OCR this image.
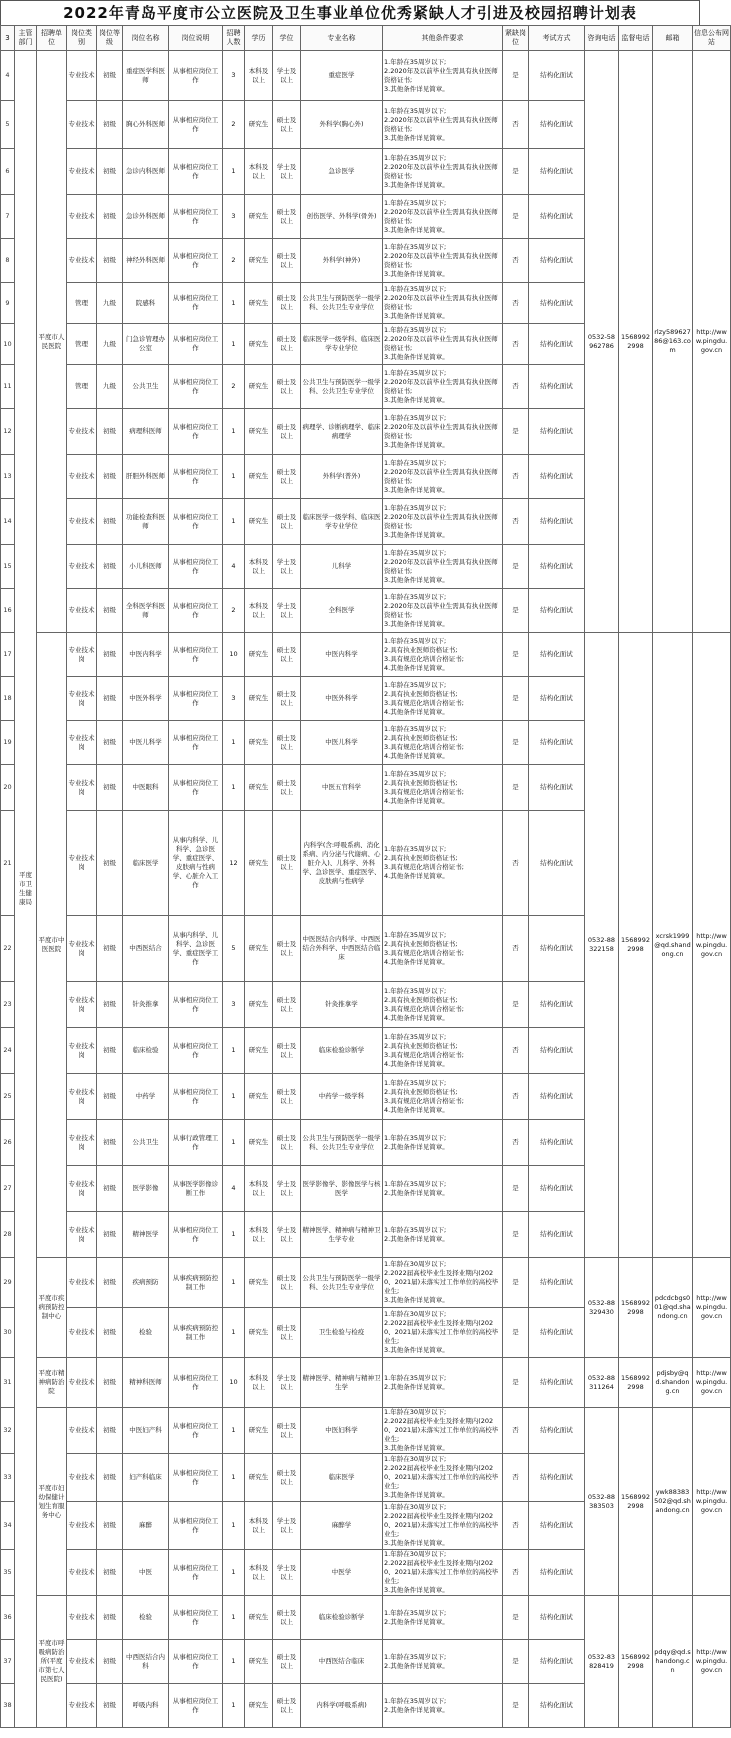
2022年青岛平度市公立医院及卫生事业单位优秀紧缺人才引进及校园招聘计划表
3	主管部门	招聘单位	岗位类别	岗位等级	岗位名称	岗位说明	招聘人数	学历	学位	专业名称	其他条件要求	紧缺岗位	考试方式	咨询电话	监督电话	邮箱	信息公布网站
4	平度市卫生健康局	平度市人民医院	专业技术	初级	重症医学科医师	从事相应岗位工作	3	本科及以上	学士及以上	重症医学	1.年龄在35周岁以下;
2.2020年及以前毕业生需具有执业医师资格证书;
3.其他条件详见简章。	是	结构化面试	0532-58962786	15689922998	rlzy58962786@163.com	http://www.pingdu.gov.cn
5			专业技术	初级	胸心外科医师	从事相应岗位工作	2	研究生	硕士及以上	外科学(胸心外)	1.年龄在35周岁以下;
2.2020年及以前毕业生需具有执业医师资格证书;
3.其他条件详见简章。	否	结构化面试				
6			专业技术	初级	急诊内科医师	从事相应岗位工作	1	本科及以上	学士及以上	急诊医学	1.年龄在35周岁以下;
2.2020年及以前毕业生需具有执业医师资格证书;
3.其他条件详见简章。	是	结构化面试				
7			专业技术	初级	急诊外科医师	从事相应岗位工作	3	研究生	硕士及以上	创伤医学、外科学(骨外)	1.年龄在35周岁以下;
2.2020年及以前毕业生需具有执业医师资格证书;
3.其他条件详见简章。	是	结构化面试				
8			专业技术	初级	神经外科医师	从事相应岗位工作	2	研究生	硕士及以上	外科学(神外)	1.年龄在35周岁以下;
2.2020年及以前毕业生需具有执业医师资格证书;
3.其他条件详见简章。	否	结构化面试				
9			管理	九级	院感科	从事相应岗位工作	1	研究生	硕士及以上	公共卫生与预防医学一级学科、公共卫生专业学位	1.年龄在35周岁以下;
2.2020年及以前毕业生需具有执业医师资格证书;
3.其他条件详见简章。	否	结构化面试				
10			管理	九级	门急诊管理办公室	从事相应岗位工作	1	研究生	硕士及以上	临床医学一级学科、临床医学专业学位	1.年龄在35周岁以下;
2.2020年及以前毕业生需具有执业医师资格证书;
3.其他条件详见简章。	否	结构化面试				
11			管理	九级	公共卫生	从事相应岗位工作	2	研究生	硕士及以上	公共卫生与预防医学一级学科、公共卫生专业学位	1.年龄在35周岁以下;
2.2020年及以前毕业生需具有执业医师资格证书;
3.其他条件详见简章。	否	结构化面试				
12			专业技术	初级	病理科医师	从事相应岗位工作	1	研究生	硕士及以上	病理学、诊断病理学、临床病理学	1.年龄在35周岁以下;
2.2020年及以前毕业生需具有执业医师资格证书;
3.其他条件详见简章。	是	结构化面试				
13			专业技术	初级	肝胆外科医师	从事相应岗位工作	1	研究生	硕士及以上	外科学(普外)	1.年龄在35周岁以下;
2.2020年及以前毕业生需具有执业医师资格证书;
3.其他条件详见简章。	否	结构化面试				
14			专业技术	初级	功能检查科医师	从事相应岗位工作	1	研究生	硕士及以上	临床医学一级学科、临床医学专业学位	1.年龄在35周岁以下;
2.2020年及以前毕业生需具有执业医师资格证书;
3.其他条件详见简章。	否	结构化面试				
15			专业技术	初级	小儿科医师	从事相应岗位工作	4	本科及以上	学士及以上	儿科学	1.年龄在35周岁以下;
2.2020年及以前毕业生需具有执业医师资格证书;
3.其他条件详见简章。	是	结构化面试				
16			专业技术	初级	全科医学科医师	从事相应岗位工作	2	本科及以上	学士及以上	全科医学	1.年龄在35周岁以下;
2.2020年及以前毕业生需具有执业医师资格证书;
3.其他条件详见简章。	是	结构化面试				
17		平度市中医医院	专业技术岗	初级	中医内科学	从事相应岗位工作	10	研究生	硕士及以上	中医内科学	1.年龄在35周岁以下;
2.具有执业医师资格证书;
3.具有规范化培训合格证书;
4.其他条件详见简章。	是	结构化面试	0532-88322158	15689922998	xcrsk1999@qd.shandong.cn	http://www.pingdu.gov.cn
18			专业技术岗	初级	中医外科学	从事相应岗位工作	3	研究生	硕士及以上	中医外科学	1.年龄在35周岁以下;
2.具有执业医师资格证书;
3.具有规范化培训合格证书;
4.其他条件详见简章。	是	结构化面试				
19			专业技术岗	初级	中医儿科学	从事相应岗位工作	1	研究生	硕士及以上	中医儿科学	1.年龄在35周岁以下;
2.具有执业医师资格证书;
3.具有规范化培训合格证书;
4.其他条件详见简章。	是	结构化面试				
20			专业技术岗	初级	中医眼科	从事相应岗位工作	1	研究生	硕士及以上	中医五官科学	1.年龄在35周岁以下;
2.具有执业医师资格证书;
3.具有规范化培训合格证书;
4.其他条件详见简章。	是	结构化面试				
21			专业技术岗	初级	临床医学	从事内科学、儿科学、急诊医学、重症医学、皮肤病与性病学、心脏介入工作	12	研究生	硕士及以上	内科学(含:呼吸系病、消化系病、内分泌与代谢病、心脏介入)、儿科学、外科学、急诊医学、重症医学、皮肤病与性病学	1.年龄在35周岁以下;
2.具有执业医师资格证书;
3.具有规范化培训合格证书;
4.其他条件详见简章。	否	结构化面试				
22			专业技术岗	初级	中西医结合	从事内科学、儿科学、急诊医学、重症医学工作	5	研究生	硕士及以上	中医医结合内科学、中西医结合外科学、中西医结合临床	1.年龄在35周岁以下;
2.具有执业医师资格证书;
3.具有规范化培训合格证书;
4.其他条件详见简章。	否	结构化面试				
23			专业技术岗	初级	针灸推拿	从事相应岗位工作	3	研究生	硕士及以上	针灸推拿学	1.年龄在35周岁以下;
2.具有执业医师资格证书;
3.具有规范化培训合格证书;
4.其他条件详见简章。	是	结构化面试				
24			专业技术岗	初级	临床检验	从事相应岗位工作	1	研究生	硕士及以上	临床检验诊断学	1.年龄在35周岁以下;
2.具有执业医师资格证书;
3.具有规范化培训合格证书;
4.其他条件详见简章。	否	结构化面试				
25			专业技术岗	初级	中药学	从事相应岗位工作	1	研究生	硕士及以上	中药学一级学科	1.年龄在35周岁以下;
2.具有执业医师资格证书;
3.具有规范化培训合格证书;
4.其他条件详见简章。	否	结构化面试				
26			专业技术岗	初级	公共卫生	从事行政管理工作	1	研究生	硕士及以上	公共卫生与预防医学一级学科、公共卫生专业学位	1.年龄在35周岁以下;
2.其他条件详见简章。	否	结构化面试				
27			专业技术岗	初级	医学影像	从事医学影像诊断工作	4	本科及以上	学士及以上	医学影像学、影像医学与核医学	1.年龄在35周岁以下;
2.其他条件详见简章。	是	结构化面试				
28			专业技术岗	初级	精神医学	从事相应岗位工作	1	本科及以上	学士及以上	精神医学、精神病与精神卫生学专业	1.年龄在35周岁以下;
2.其他条件详见简章。	是	结构化面试				
29		平度市疾病预防控制中心	专业技术	初级	疾病预防	从事疾病预防控制工作	1	研究生	硕士及以上	公共卫生与预防医学一级学科、公共卫生专业学位	1.年龄在30周岁以下;
2.2022届高校毕业生及择业期内(2020、2021届)未落实过工作单位的高校毕业生;
3.其他条件详见简章。	是	结构化面试	0532-88329430	15689922998	pdcdcbgs001@qd.shandong.cn	http://www.pingdu.gov.cn
30			专业技术	初级	检验	从事疾病预防控制工作	1	研究生	硕士及以上	卫生检验与检疫	1.年龄在30周岁以下;
2.2022届高校毕业生及择业期内(2020、2021届)未落实过工作单位的高校毕业生;
3.其他条件详见简章。	是	结构化面试				
31		平度市精神病防治院	专业技术	初级	精神科医师	从事相应岗位工作	10	本科及以上	学士及以上	精神医学、精神病与精神卫生学	1.年龄在35周岁以下;
2.其他条件详见简章。	是	结构化面试	0532-88311264	15689922998	pdjsby@qd.shandong.cn	http://www.pingdu.gov.cn
32		平度市妇幼保健计划生育服务中心	专业技术	初级	中医妇产科	从事相应岗位工作	1	研究生	硕士及以上	中医妇科学	1.年龄在30周岁以下;
2.2022届高校毕业生及择业期内(2020、2021届)未落实过工作单位的高校毕业生;
3.其他条件详见简章。	否	结构化面试	0532-88383503	15689922998	ywk88383502@qd.shandong.cn	http://www.pingdu.gov.cn
33			专业技术	初级	妇产科临床	从事相应岗位工作	1	研究生	硕士及以上	临床医学	1.年龄在30周岁以下;
2.2022届高校毕业生及择业期内(2020、2021届)未落实过工作单位的高校毕业生;
3.其他条件详见简章。	否	结构化面试				
34			专业技术	初级	麻醉	从事相应岗位工作	1	本科及以上	学士及以上	麻醉学	1.年龄在30周岁以下;
2.2022届高校毕业生及择业期内(2020、2021届)未落实过工作单位的高校毕业生;
3.其他条件详见简章。	否	结构化面试				
35			专业技术	初级	中医	从事相应岗位工作	1	本科及以上	学士及以上	中医学	1.年龄在30周岁以下;
2.2022届高校毕业生及择业期内(2020、2021届)未落实过工作单位的高校毕业生;
3.其他条件详见简章。	否	结构化面试				
36		平度市呼吸病防治所(平度市第七人民医院)	专业技术	初级	检验	从事相应岗位工作	1	研究生	硕士及以上	临床检验诊断学	1.年龄在35周岁以下;
2.其他条件详见简章。	是	结构化面试	0532-83828419	15689922998	pdqy@qd.shandong.cn	http://www.pingdu.gov.cn
37			专业技术	初级	中西医结合内科	从事相应岗位工作	1	研究生	硕士及以上	中西医结合临床	1.年龄在35周岁以下;
2.其他条件详见简章。	是	结构化面试				
38			专业技术	初级	呼吸内科	从事相应岗位工作	1	研究生	硕士及以上	内科学(呼吸系病)	1.年龄在35周岁以下;
2.其他条件详见简章。	是	结构化面试				
